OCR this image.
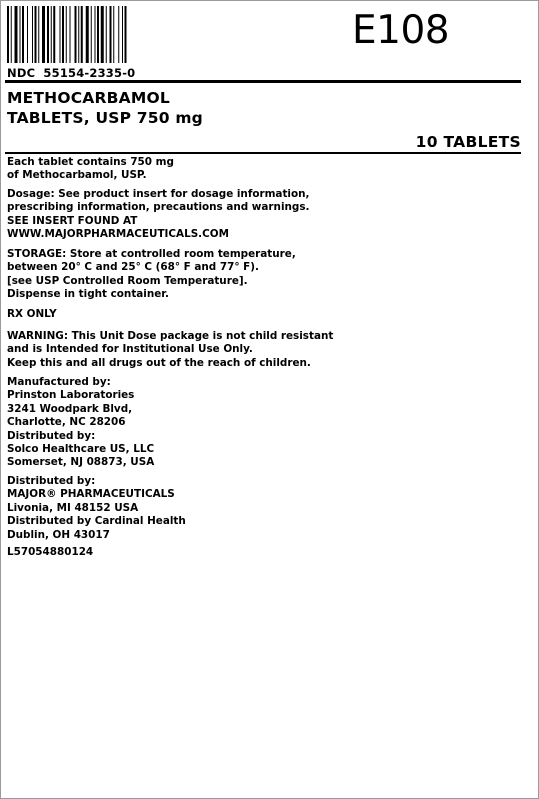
E108
NDC 55154-2335-0
METHOCARBAMOL
TABLETS, USP 750 mg
10 TABLETS
Each tablet contains 750 mg
of Methocarbamol, USP.
Dosage: See product insert for dosage information,
prescribing information, precautions and warnings.
SEE INSERT FOUND AT
WWW.MAJORPHARMACEUTICALS.COM
STORAGE: Store at controlled room temperature,
between 20° C and 25° C (68° F and 77° F).
[see USP Controlled Room Temperature].
Dispense in tight container.
RX ONLY
WARNING: This Unit Dose package is not child resistant
and is Intended for Institutional Use Only.
Keep this and all drugs out of the reach of children.
Manufactured by:
Prinston Laboratories
3241 Woodpark Blvd,
Charlotte, NC 28206
Distributed by:
Solco Healthcare US, LLC
Somerset, NJ 08873, USA
Distributed by:
MAJOR® PHARMACEUTICALS
Livonia, MI 48152 USA
Distributed by Cardinal Health
Dublin, OH 43017
L57054880124
